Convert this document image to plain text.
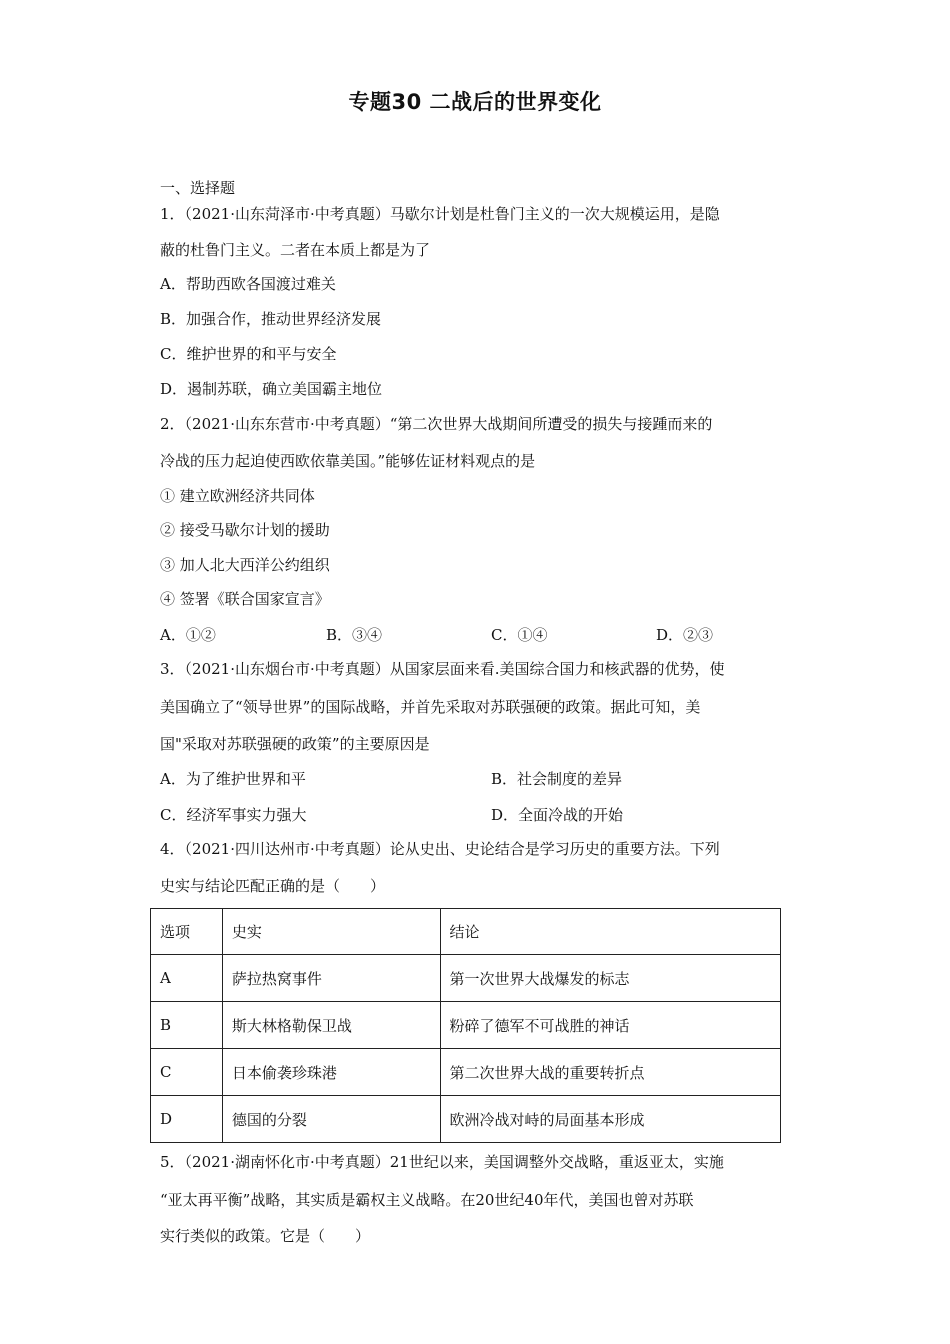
专题30 二战后的世界变化
一、选择题
1．（2021·山东菏泽市·中考真题）马歇尔计划是杜鲁门主义的一次大规模运用，是隐
蔽的杜鲁门主义。二者在本质上都是为了
A．帮助西欧各国渡过难关
B．加强合作，推动世界经济发展
C．维护世界的和平与安全
D．遏制苏联，确立美国霸主地位
2．（2021·山东东营市·中考真题）“第二次世界大战期间所遭受的损失与接踵而来的
冷战的压力起迫使西欧依靠美国。”能够佐证材料观点的是
① 建立欧洲经济共同体
② 接受马歇尔计划的援助
③ 加人北大西洋公约组织
④ 签署《联合国家宣言》
A．①②	B．③④	C．①④	D．②③
3．（2021·山东烟台市·中考真题）从国家层面来看.美国综合国力和核武器的优势，使
美国确立了“领导世界”的国际战略，并首先采取对苏联强硬的政策。据此可知，美
国"采取对苏联强硬的政策”的主要原因是
A．为了维护世界和平	B．社会制度的差异
C．经济军事实力强大	D．全面冷战的开始
4．（2021·四川达州市·中考真题）论从史出、史论结合是学习历史的重要方法。下列
史实与结论匹配正确的是（　　）
选项	史实	结论
A	萨拉热窝事件	第一次世界大战爆发的标志
B	斯大林格勒保卫战	粉碎了德军不可战胜的神话
C	日本偷袭珍珠港	第二次世界大战的重要转折点
D	德国的分裂	欧洲冷战对峙的局面基本形成
5．（2021·湖南怀化市·中考真题）21世纪以来，美国调整外交战略，重返亚太，实施
“亚太再平衡”战略，其实质是霸权主义战略。在20世纪40年代，美国也曾对苏联
实行类似的政策。它是（　　）
